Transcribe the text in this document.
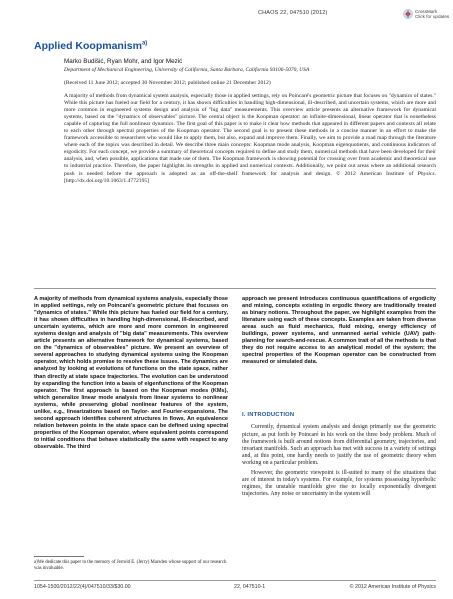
CHAOS 22, 047510 (2012)	CrossMark
Click for updates
Applied Koopmanism$^{a)}$
Marko Budišić, Ryan Mohr, and Igor Mezić
Department of Mechanical Engineering, University of California, Santa Barbara, California 93106-5070, USA
(Received 11 June 2012; accepted 30 November 2012; published online 21 December 2012)
A majority of methods from dynamical system analysis, especially those in applied settings, rely on Poincaré's geometric picture that focuses on "dynamics of states." While this picture has fueled our field for a century, it has shown difficulties in handling high-dimensional, ill-described, and uncertain systems, which are more and more common in engineered systems design and analysis of "big data" measurements. This overview article presents an alternative framework for dynamical systems, based on the "dynamics of observables" picture. The central object is the Koopman operator: an infinite-dimensional, linear operator that is nonetheless capable of capturing the full nonlinear dynamics. The first goal of this paper is to make it clear how methods that appeared in different papers and contexts all relate to each other through spectral properties of the Koopman operator. The second goal is to present these methods in a concise manner in an effort to make the framework accessible to researchers who would like to apply them, but also, expand and improve them. Finally, we aim to provide a road map through the literature where each of the topics was described in detail. We describe three main concepts: Koopman mode analysis, Koopman eigenquotients, and continuous indicators of ergodicity. For each concept, we provide a summary of theoretical concepts required to define and study them, numerical methods that have been developed for their analysis, and, when possible, applications that made use of them. The Koopman framework is showing potential for crossing over from academic and theoretical use to industrial practice. Therefore, the paper highlights its strengths in applied and numerical contexts. Additionally, we point out areas where an additional research push is needed before the approach is adopted as an off-the-shelf framework for analysis and design. © 2012 American Institute of Physics. [http://dx.doi.org/10.1063/1.4772195]
A majority of methods from dynamical systems analysis, especially those in applied settings, rely on Poincaré's geometric picture that focuses on "dynamics of states." While this picture has fueled our field for a century, it has shown difficulties in handling high-dimensional, ill-described, and uncertain systems, which are more and more common in engineered systems design and analysis of "big data" measurements. This overview article presents an alternative framework for dynamical systems, based on the "dynamics of observables" picture. We present an overview of several approaches to studying dynamical systems using the Koopman operator, which holds promise to resolve these issues. The dynamics are analyzed by looking at evolutions of functions on the state space, rather than directly at state space trajectories. The evolution can be understood by expanding the function into a basis of eigenfunctions of the Koopman operator. The first approach is based on the Koopman modes (KMs), which generalize linear mode analysis from linear systems to nonlinear systems, while preserving global nonlinear features of the system, unlike, e.g., linearizations based on Taylor- and Fourier-expansions. The second approach identifies coherent structures in flows. An equivalence relation between points in the state space can be defined using spectral properties of the Koopman operator, where equivalent points correspond to initial conditions that behave statistically the same with respect to any observable. The third
approach we present introduces continuous quantifications of ergodicity and mixing, concepts existing in ergodic theory are traditionally treated as binary notions. Throughout the paper, we highlight examples from the literature using each of these concepts. Examples are taken from diverse areas such as fluid mechanics, fluid mixing, energy efficiency of buildings, power systems, and unmanned aerial vehicle (UAV) path-planning for search-and-rescue. A common trait of all the methods is that they do not require access to an analytical model of the system; the spectral properties of the Koopman operator can be constructed from measured or simulated data.
I. INTRODUCTION

Currently, dynamical system analysis and design primarily use the geometric picture, as put forth by Poincaré in his work on the three body problem. Much of the framework is built around notions from differential geometry, trajectories, and invariant manifolds. Such an approach has met with success in a variety of settings and, at this point, one hardly needs to justify the use of geometric theory when working on a particular problem.

However, the geometric viewpoint is ill-suited to many of the situations that are of interest in today's systems. For example, for systems possessing hyperbolic regimes, the unstable manifolds give rise to locally exponentially divergent trajectories. Any noise or uncertainty in the system will

a)We dedicate this paper to the memory of Jerrold E. (Jerry) Marsden whose support of our research was invaluable.
1054-1500/2012/22(4)/047510/33/$30.00	22, 047510-1	© 2012 American Institute of Physics
